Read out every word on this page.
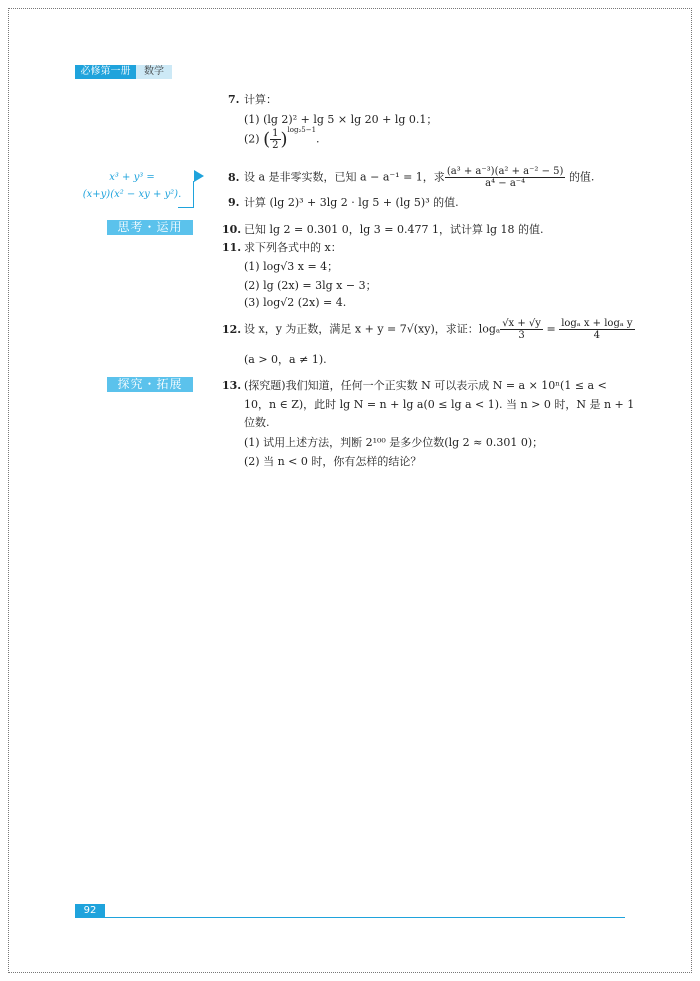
必修第一册	数学
7. 计算：
(1) (lg 2)² + lg 5 × lg 20 + lg 0.1；
(2) ( $\frac{1}{2} )^{log_25-1}$.
x³ + y³ =
(x+y)(x² − xy + y²).
8. 设 a 是非零实数，已知 a − a⁻¹ = 1，求 $\frac{\text{(a³ + a⁻³)(a² + a⁻² − 5)}}{\text{a⁴ − a⁻⁴}}$ 的值.
9. 计算 (lg 2)³ + 3lg 2 · lg 5 + (lg 5)³ 的值.
思考・运用	10. 已知 lg 2 = 0.301 0，lg 3 = 0.477 1，试计算 lg 18 的值.
11. 求下列各式中的 x：
(1) log√3 x = 4；
(2) lg (2x) = 3lg x − 3；
(3) log√2 (2x) = 4.
12. 设 x，y 为正数，满足 x + y = 7√(xy)，求证：logₐ $\frac{√x + √y}{3} = \frac{\text{logₐ x + logₐ y}}{4}$
(a > 0，a ≠ 1).
探究・拓展	13. (探究题)我们知道，任何一个正实数 N 可以表示成 N = a × 10ⁿ(1 ≤ a <
10，n ∈ Z)，此时 lg N = n + lg a(0 ≤ lg a < 1). 当 n > 0 时，N 是 n + 1
位数.
(1) 试用上述方法，判断 2¹⁰⁰ 是多少位数(lg 2 ≈ 0.301 0)；
(2) 当 n < 0 时，你有怎样的结论？
92
